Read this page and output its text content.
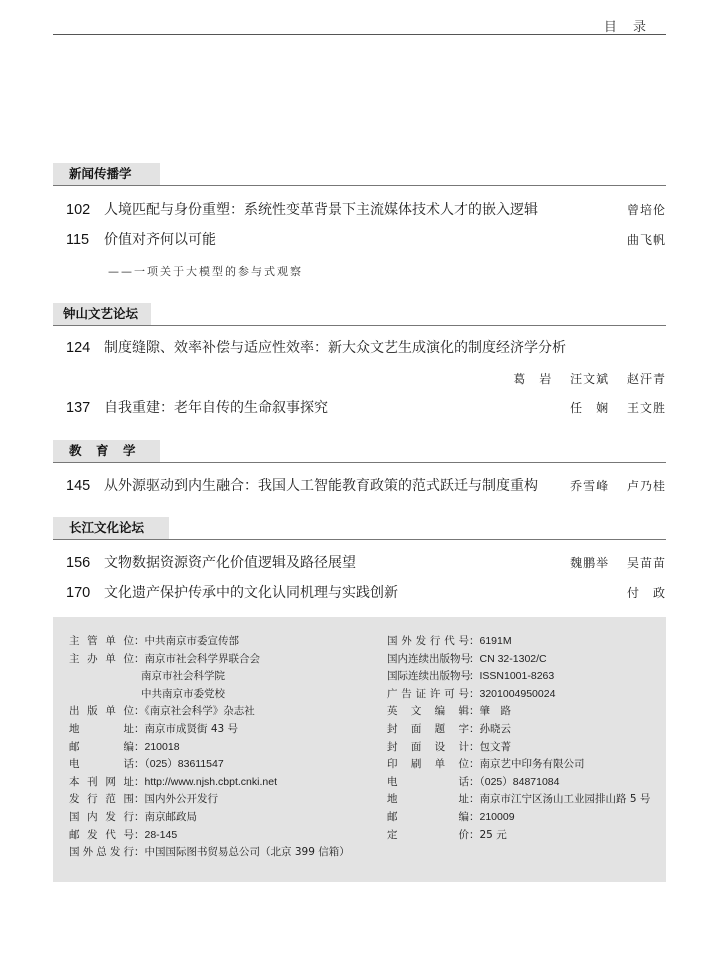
目 录
新闻传播学
102 人境匹配与身份重塑：系统性变革背景下主流媒体技术人才的嵌入逻辑	曾培伦
115	价值对齐何以可能	曲飞帆
——一项关于大模型的参与式观察
钟山文艺论坛
124 制度缝隙、效率补偿与适应性效率：新大众文艺生成演化的制度经济学分析
葛　岩 汪文斌 赵汗青
137 自我重建：老年自传的生命叙事探究	任　娴 王文胜
教　育　学
145 从外源驱动到内生融合：我国人工智能教育政策的范式跃迁与制度重构	乔雪峰 卢乃桂
长江文化论坛
156 文物数据资源资产化价值逻辑及路径展望	魏鹏举 吴苗苗
170 文化遗产保护传承中的文化认同机理与实践创新	付　政
主管单位：中共南京市委宣传部
主办单位：南京市社会科学界联合会
南京市社会科学院
中共南京市委党校
出版单位：《南京社会科学》杂志社
地址：南京市成贤街 43 号
邮编：210018
电话：（025）83611547
本刊网址：http://www.njsh.cbpt.cnki.net
发行范围：国内外公开发行
国内发行：南京邮政局
邮发代号：28-145
国外总发行：中国国际图书贸易总公司（北京 399 信箱）
国外发行代号：6191M
国内连续出版物号：CN 32-1302/C
国际连续出版物号：ISSN1001-8263
广告证许可号：3201004950024
英文编辑：肇　路
封面题字：孙晓云
封面设计：包文菁
印刷单位：南京艺中印务有限公司
电话：（025）84871084
地址：南京市江宁区汤山工业园排山路 5 号
邮编：210009
定价：25 元
